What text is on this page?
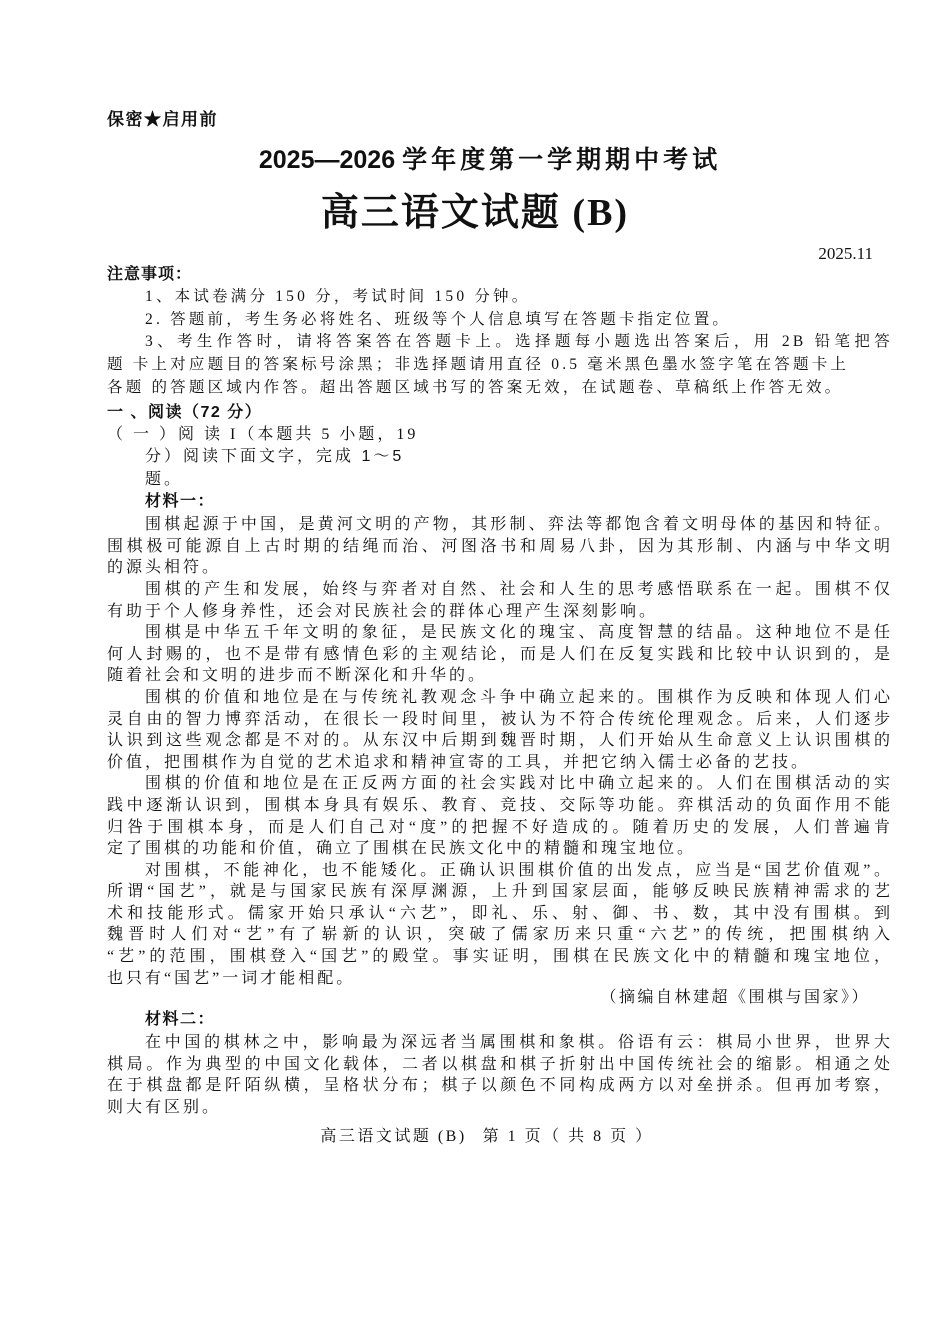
保密★启用前
2025—2026 学年度第一学期期中考试
高三语文试题 (B)
2025.11
注意事项：
1、本试卷满分 150 分，考试时间 150 分钟。
2. 答题前，考生务必将姓名、班级等个人信息填写在答题卡指定位置。
3、考生作答时，请将答案答在答题卡上。选择题每小题选出答案后，用 2B 铅笔把答
题 卡上对应题目的答案标号涂黑；非选择题请用直径 0.5 毫米黑色墨水签字笔在答题卡上
各题 的答题区域内作答。超出答题区域书写的答案无效，在试题卷、草稿纸上作答无效。
一 、阅读（72 分）
（ 一 ）阅 读 I（本题共 5 小题，19
分）阅读下面文字，完成 1～5
题。
材料一：
围棋起源于中国，是黄河文明的产物，其形制、弈法等都饱含着文明母体的基因和特征。
围棋极可能源自上古时期的结绳而治、河图洛书和周易八卦，因为其形制、内涵与中华文明
的源头相符。
围棋的产生和发展，始终与弈者对自然、社会和人生的思考感悟联系在一起。围棋不仅
有助于个人修身养性，还会对民族社会的群体心理产生深刻影响。
围棋是中华五千年文明的象征，是民族文化的瑰宝、高度智慧的结晶。这种地位不是任
何人封赐的，也不是带有感情色彩的主观结论，而是人们在反复实践和比较中认识到的，是
随着社会和文明的进步而不断深化和升华的。
围棋的价值和地位是在与传统礼教观念斗争中确立起来的。围棋作为反映和体现人们心
灵自由的智力博弈活动，在很长一段时间里，被认为不符合传统伦理观念。后来，人们逐步
认识到这些观念都是不对的。从东汉中后期到魏晋时期，人们开始从生命意义上认识围棋的
价值，把围棋作为自觉的艺术追求和精神宣寄的工具，并把它纳入儒士必备的艺技。
围棋的价值和地位是在正反两方面的社会实践对比中确立起来的。人们在围棋活动的实
践中逐渐认识到，围棋本身具有娱乐、教育、竞技、交际等功能。弈棋活动的负面作用不能
归咎于围棋本身，而是人们自己对“度”的把握不好造成的。随着历史的发展，人们普遍肯
定了围棋的功能和价值，确立了围棋在民族文化中的精髓和瑰宝地位。
对围棋，不能神化，也不能矮化。正确认识围棋价值的出发点，应当是“国艺价值观”。
所谓“国艺”，就是与国家民族有深厚渊源，上升到国家层面，能够反映民族精神需求的艺
术和技能形式。儒家开始只承认“六艺”，即礼、乐、射、御、书、数，其中没有围棋。到
魏晋时人们对“艺”有了崭新的认识，突破了儒家历来只重“六艺”的传统，把围棋纳入
“艺”的范围，围棋登入“国艺”的殿堂。事实证明，围棋在民族文化中的精髓和瑰宝地位，
也只有“国艺”一词才能相配。
（摘编自林建超《围棋与国家》）
材料二：
在中国的棋林之中，影响最为深远者当属围棋和象棋。俗语有云：棋局小世界，世界大
棋局。作为典型的中国文化载体，二者以棋盘和棋子折射出中国传统社会的缩影。相通之处
在于棋盘都是阡陌纵横，呈格状分布；棋子以颜色不同构成两方以对垒拼杀。但再加考察，
则大有区别。
高三语文试题 (B) 第 1 页（ 共 8 页 ）
